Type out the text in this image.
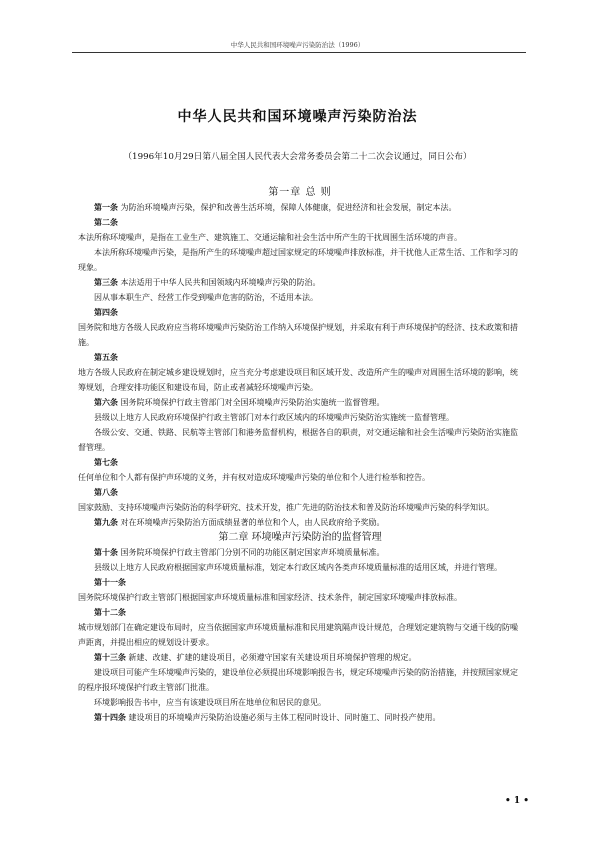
中华人民共和国环境噪声污染防治法（1996）
中华人民共和国环境噪声污染防治法
（1996年10月29日第八届全国人民代表大会常务委员会第二十二次会议通过，同日公布）

第一章 总 则

第一条 为防治环境噪声污染，保护和改善生活环境，保障人体健康，促进经济和社会发展，制定本法。

第二条

本法所称环境噪声，是指在工业生产、建筑施工、交通运输和社会生活中所产生的干扰周围生活环境的声音。

本法所称环境噪声污染，是指所产生的环境噪声超过国家规定的环境噪声排放标准，并干扰他人正常生活、工作和学习的现象。

第三条 本法适用于中华人民共和国领域内环境噪声污染的防治。

因从事本职生产、经营工作受到噪声危害的防治，不适用本法。

第四条

国务院和地方各级人民政府应当将环境噪声污染防治工作纳入环境保护规划，并采取有利于声环境保护的经济、技术政策和措施。

第五条

地方各级人民政府在制定城乡建设规划时，应当充分考虑建设项目和区域开发、改造所产生的噪声对周围生活环境的影响，统筹规划，合理安排功能区和建设布局，防止或者减轻环境噪声污染。

第六条 国务院环境保护行政主管部门对全国环境噪声污染防治实施统一监督管理。

县级以上地方人民政府环境保护行政主管部门对本行政区域内的环境噪声污染防治实施统一监督管理。

各级公安、交通、铁路、民航等主管部门和港务监督机构，根据各自的职责，对交通运输和社会生活噪声污染防治实施监督管理。

第七条

任何单位和个人都有保护声环境的义务，并有权对造成环境噪声污染的单位和个人进行检举和控告。

第八条

国家鼓励、支持环境噪声污染防治的科学研究、技术开发，推广先进的防治技术和普及防治环境噪声污染的科学知识。

第九条 对在环境噪声污染防治方面成绩显著的单位和个人，由人民政府给予奖励。

第二章 环境噪声污染防治的监督管理

第十条 国务院环境保护行政主管部门分别不同的功能区制定国家声环境质量标准。

县级以上地方人民政府根据国家声环境质量标准，划定本行政区域内各类声环境质量标准的适用区域，并进行管理。

第十一条

国务院环境保护行政主管部门根据国家声环境质量标准和国家经济、技术条件，制定国家环境噪声排放标准。

第十二条

城市规划部门在确定建设布局时，应当依据国家声环境质量标准和民用建筑隔声设计规范，合理划定建筑物与交通干线的防噪声距离，并提出相应的规划设计要求。

第十三条 新建、改建、扩建的建设项目，必须遵守国家有关建设项目环境保护管理的规定。

建设项目可能产生环境噪声污染的，建设单位必须提出环境影响报告书，规定环境噪声污染的防治措施，并按照国家规定的程序报环境保护行政主管部门批准。

环境影响报告书中，应当有该建设项目所在地单位和居民的意见。

第十四条 建设项目的环境噪声污染防治设施必须与主体工程同时设计、同时施工、同时投产使用。

• 1 •
